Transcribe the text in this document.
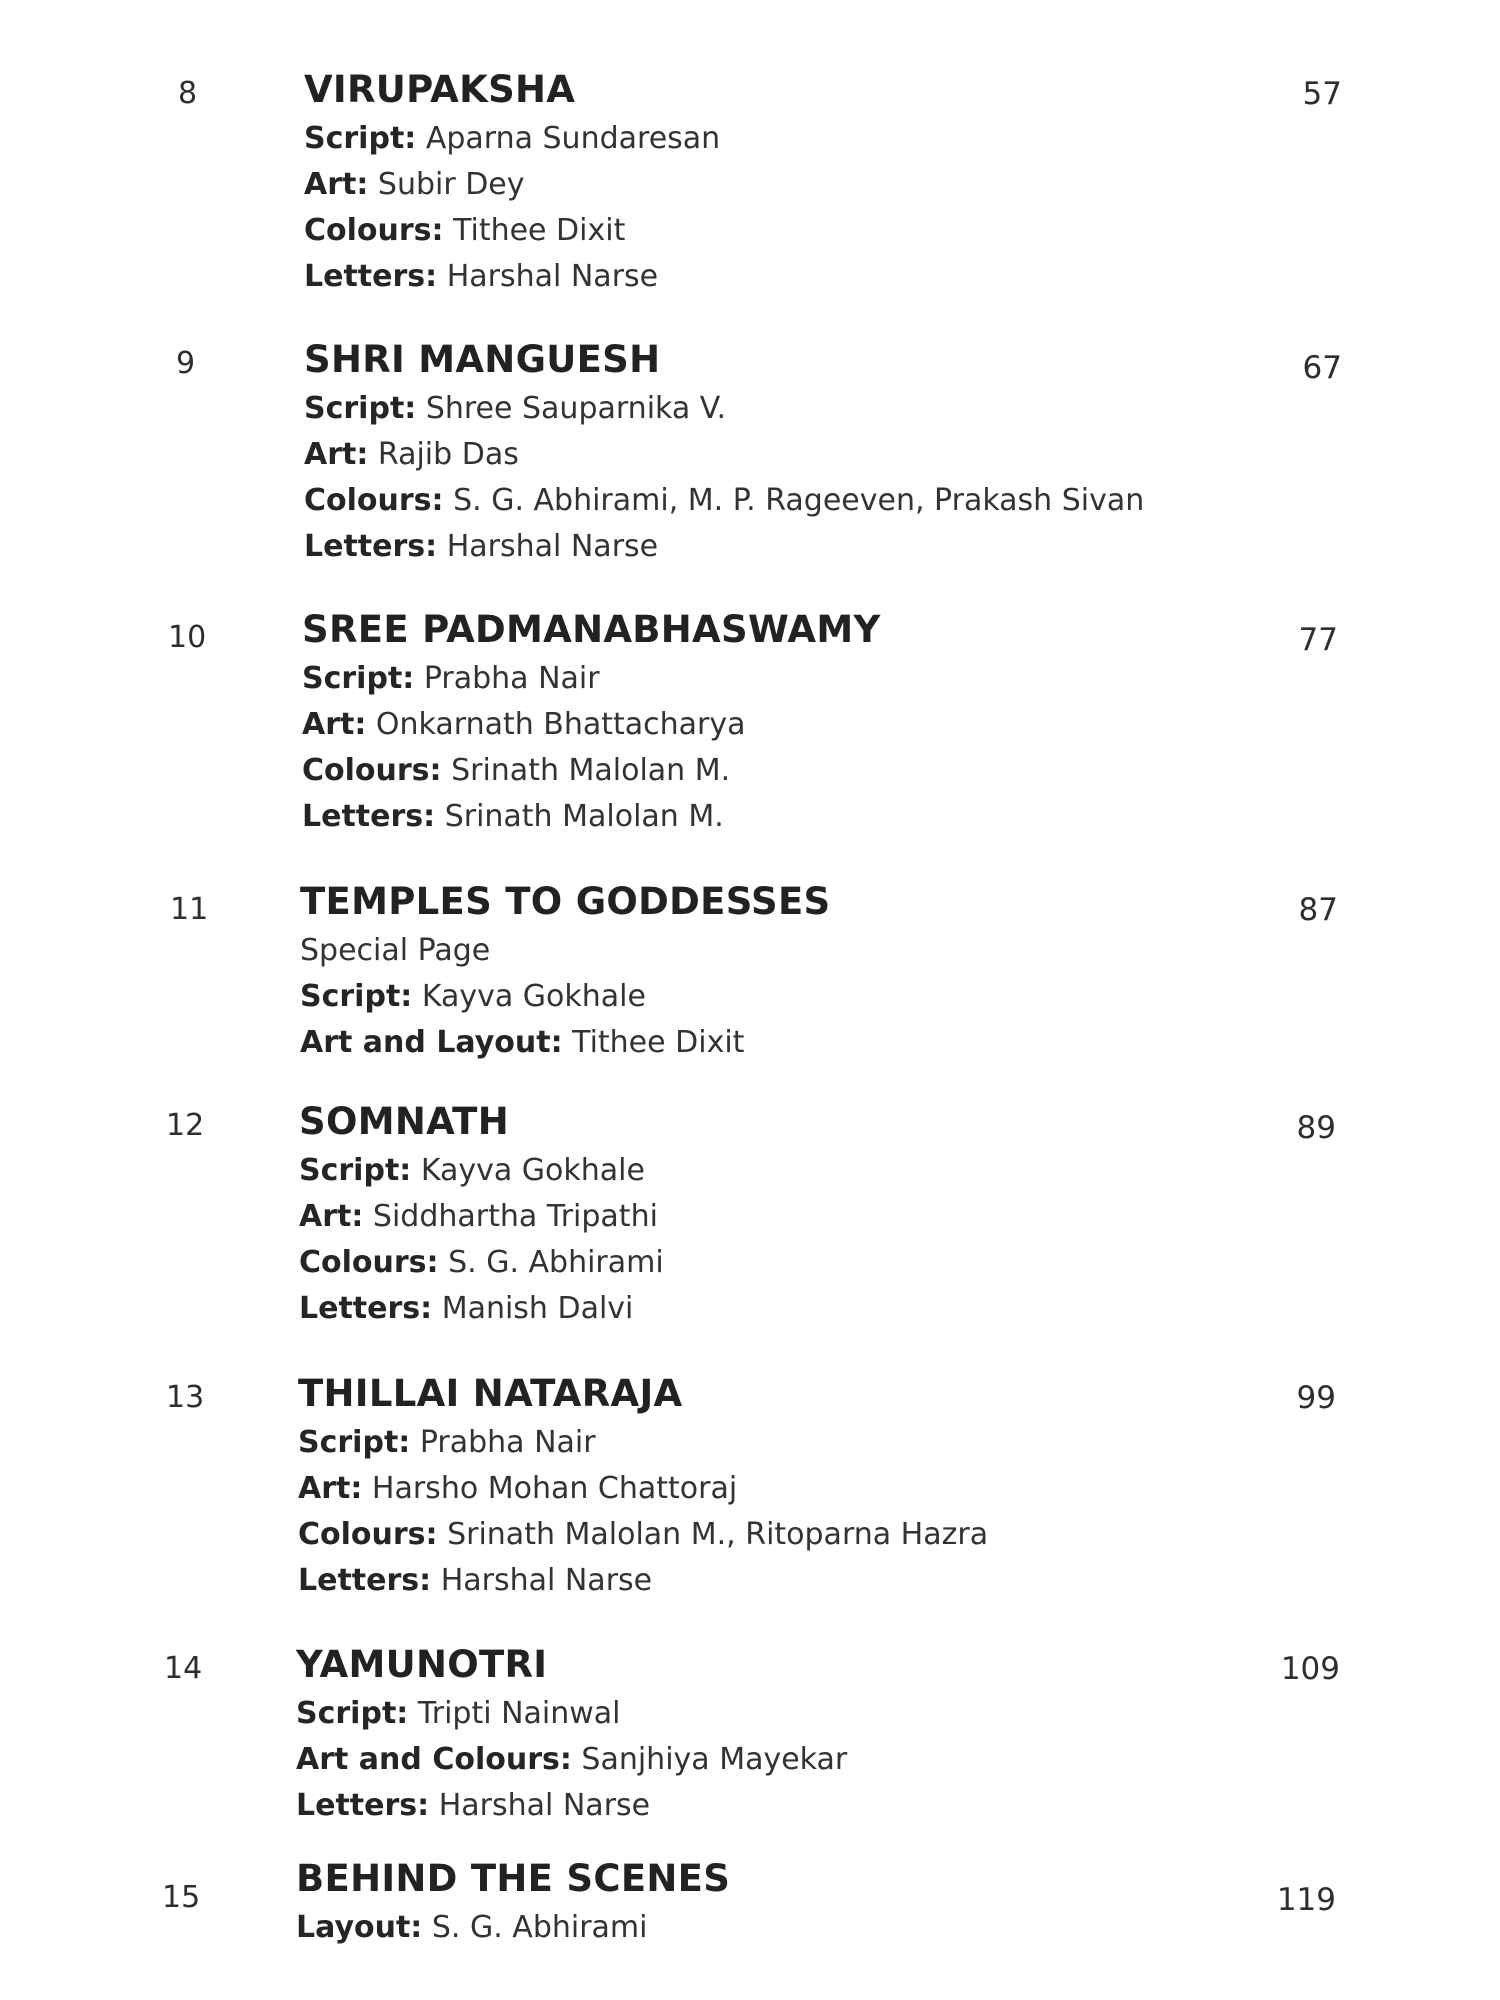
8	VIRUPAKSHA	57
Script: Aparna Sundaresan
Art: Subir Dey
Colours: Tithee Dixit
Letters: Harshal Narse
9	SHRI MANGUESH	67
Script: Shree Sauparnika V.
Art: Rajib Das
Colours: S. G. Abhirami, M. P. Rageeven, Prakash Sivan
Letters: Harshal Narse
10	SREE PADMANABHASWAMY	77
Script: Prabha Nair
Art: Onkarnath Bhattacharya
Colours: Srinath Malolan M.
Letters: Srinath Malolan M.
11	TEMPLES TO GODDESSES	87
Special Page
Script: Kayva Gokhale
Art and Layout: Tithee Dixit
12	SOMNATH	89
Script: Kayva Gokhale
Art: Siddhartha Tripathi
Colours: S. G. Abhirami
Letters: Manish Dalvi
13	THILLAI NATARAJA	99
Script: Prabha Nair
Art: Harsho Mohan Chattoraj
Colours: Srinath Malolan M., Ritoparna Hazra
Letters: Harshal Narse
14	YAMUNOTRI	109
Script: Tripti Nainwal
Art and Colours: Sanjhiya Mayekar
Letters: Harshal Narse
15	BEHIND THE SCENES	119
Layout: S. G. Abhirami
